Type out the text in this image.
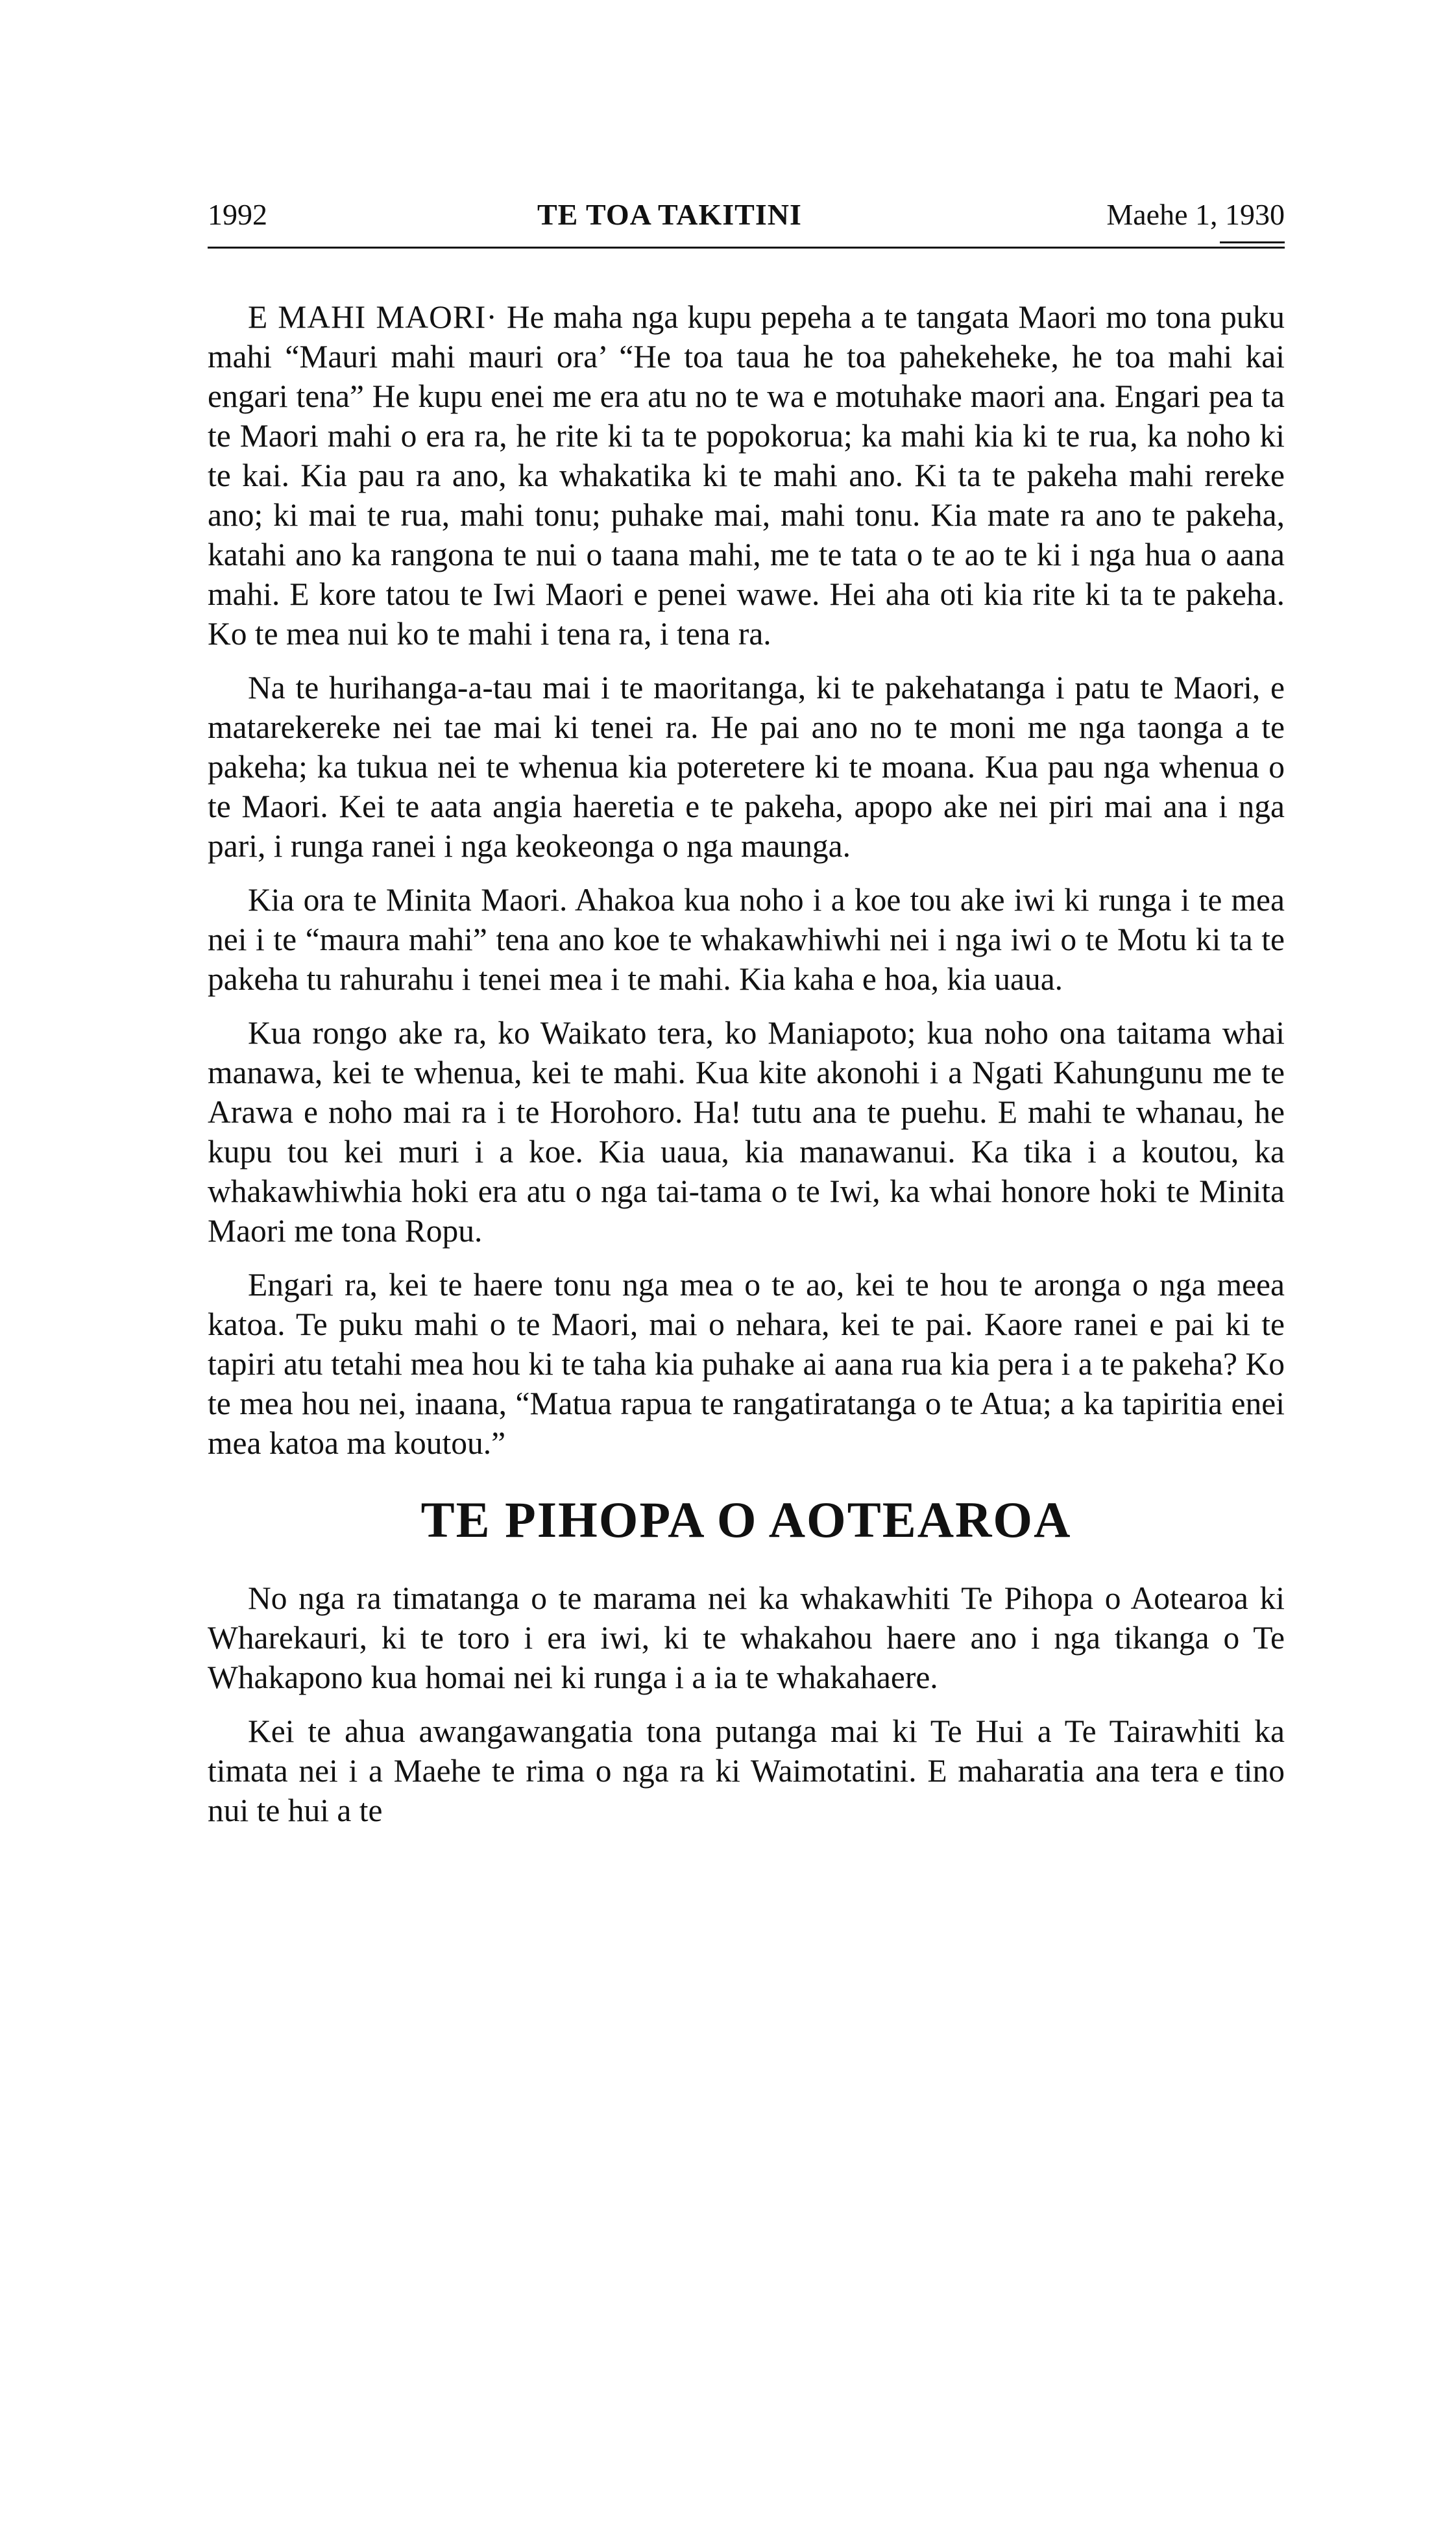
1992	TE TOA TAKITINI	Maehe 1, 1930

E MAHI MAORI· He maha nga kupu pepeha a te tangata Maori mo tona puku mahi “Mauri mahi mauri ora’ “He toa taua he toa pahekeheke, he toa mahi kai engari tena” He kupu enei me era atu no te wa e motuhake maori ana. Engari pea ta te Maori mahi o era ra, he rite ki ta te popokorua; ka mahi kia ki te rua, ka noho ki te kai. Kia pau ra ano, ka whakatika ki te mahi ano. Ki ta te pakeha mahi rereke ano; ki mai te rua, mahi tonu; puhake mai, mahi tonu. Kia mate ra ano te pakeha, katahi ano ka rangona te nui o taana mahi, me te tata o te ao te ki i nga hua o aana mahi. E kore tatou te Iwi Maori e penei wawe. Hei aha oti kia rite ki ta te pakeha. Ko te mea nui ko te mahi i tena ra, i tena ra.

Na te hurihanga-a-tau mai i te maoritanga, ki te pakehatanga i patu te Maori, e matarekereke nei tae mai ki tenei ra. He pai ano no te moni me nga taonga a te pakeha; ka tukua nei te whenua kia poteretere ki te moana. Kua pau nga whenua o te Maori. Kei te aata angia haeretia e te pakeha, apopo ake nei piri mai ana i nga pari, i runga ranei i nga keokeonga o nga maunga.

Kia ora te Minita Maori. Ahakoa kua noho i a koe tou ake iwi ki runga i te mea nei i te “maura mahi” tena ano koe te whakawhiwhi nei i nga iwi o te Motu ki ta te pakeha tu rahurahu i tenei mea i te mahi. Kia kaha e hoa, kia uaua.

Kua rongo ake ra, ko Waikato tera, ko Maniapoto; kua noho ona taitama whai manawa, kei te whenua, kei te mahi. Kua kite akonohi i a Ngati Kahungunu me te Arawa e noho mai ra i te Horohoro. Ha! tutu ana te puehu. E mahi te whanau, he kupu tou kei muri i a koe. Kia uaua, kia manawanui. Ka tika i a koutou, ka whakawhiwhia hoki era atu o nga tai-tama o te Iwi, ka whai honore hoki te Minita Maori me tona Ropu.

Engari ra, kei te haere tonu nga mea o te ao, kei te hou te aronga o nga meea katoa. Te puku mahi o te Maori, mai o nehara, kei te pai. Kaore ranei e pai ki te tapiri atu tetahi mea hou ki te taha kia puhake ai aana rua kia pera i a te pakeha? Ko te mea hou nei, inaana, “Matua rapua te rangatiratanga o te Atua; a ka tapiritia enei mea katoa ma koutou.”

TE PIHOPA O AOTEAROA

No nga ra timatanga o te marama nei ka whakawhiti Te Pihopa o Aotearoa ki Wharekauri, ki te toro i era iwi, ki te whakahou haere ano i nga tikanga o Te Whakapono kua homai nei ki runga i a ia te whakahaere.

Kei te ahua awangawangatia tona putanga mai ki Te Hui a Te Tairawhiti ka timata nei i a Maehe te rima o nga ra ki Waimotatini. E maharatia ana tera e tino nui te hui a te
